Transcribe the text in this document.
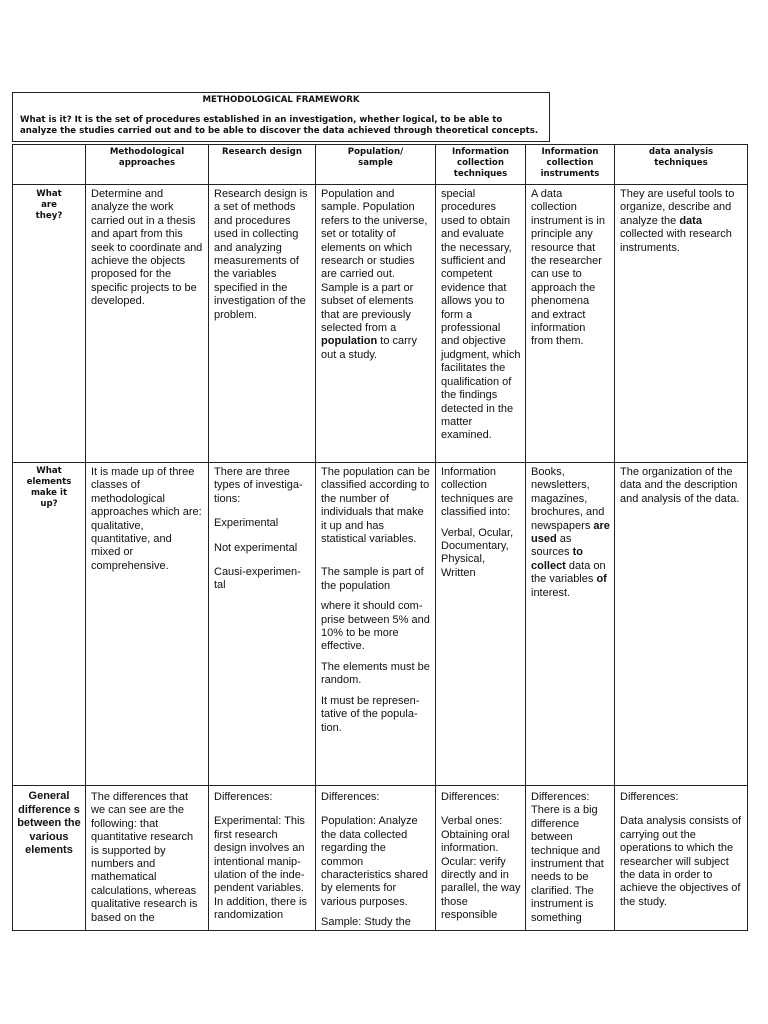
METHODOLOGICAL FRAMEWORK
What is it? It is the set of procedures established in an investigation, whether logical, to be able to
analyze the studies carried out and to be able to discover the data achieved through theoretical concepts.
Methodological approaches
Research design	Population/ sample
Information collection techniques
Information collection instruments
data analysis techniques
What are they?
What elements make it up?
General difference s between the various elements
Determine and analyze the work carried out in a thesis and apart from this seek to coordinate and achieve the objects proposed for the specific projects to be developed.
Research design is a set of methods and procedures used in collecting and analyzing measurements of the variables specified in the investigation of the problem.
Population and sample. Population refers to the universe, set or totality of elements on which research or studies are carried out. Sample is a part or subset of elements that are previously selected from a population to carry out a study.
special procedures used to obtain and evaluate the necessary, sufficient and competent evidence that allows you to form a professional and objective judgment, which facilitates the qualification of the findings detected in the matter examined.
A data collection instrument is in principle any resource that the researcher can use to approach the phenomena and extract information from them.
They are useful tools to organize, describe and analyze the data collected with research instruments.
It is made up of three classes of methodological approaches which are: qualitative, quantitative, and mixed or comprehensive.

There are three types of investiga-tions:

Experimental

Not experimental

Causi-experimen-tal

The population can be classified according to the number of individuals that make it up and has statistical variables.

The sample is part of the population

where it should com-prise between 5% and 10% to be more effective.

The elements must be random.

It must be represen-tative of the popula-tion.

Information collection techniques are classified into:

Verbal, Ocular, Documentary, Physical, Written

Books, newsletters, magazines, brochures, and newspapers are used as sources to collect data on the variables of interest.
The organization of the data and the description and analysis of the data.
The differences that we can see are the following: that quantitative research is supported by numbers and mathematical calculations, whereas qualitative research is based on the

Differences:

Experimental: This first research design involves an intentional manip-ulation of the inde-pendent variables. In addition, there is randomization

Differences:

Population: Analyze the data collected regarding the common characteristics shared by elements for various purposes.

Sample: Study the

Differences:

Verbal ones: Obtaining oral information. Ocular: verify directly and in parallel, the way those responsible

Differences: There is a big difference between technique and instrument that needs to be clarified. The instrument is something

Differences:

Data analysis consists of carrying out the operations to which the researcher will subject the data in order to achieve the objectives of the study.
